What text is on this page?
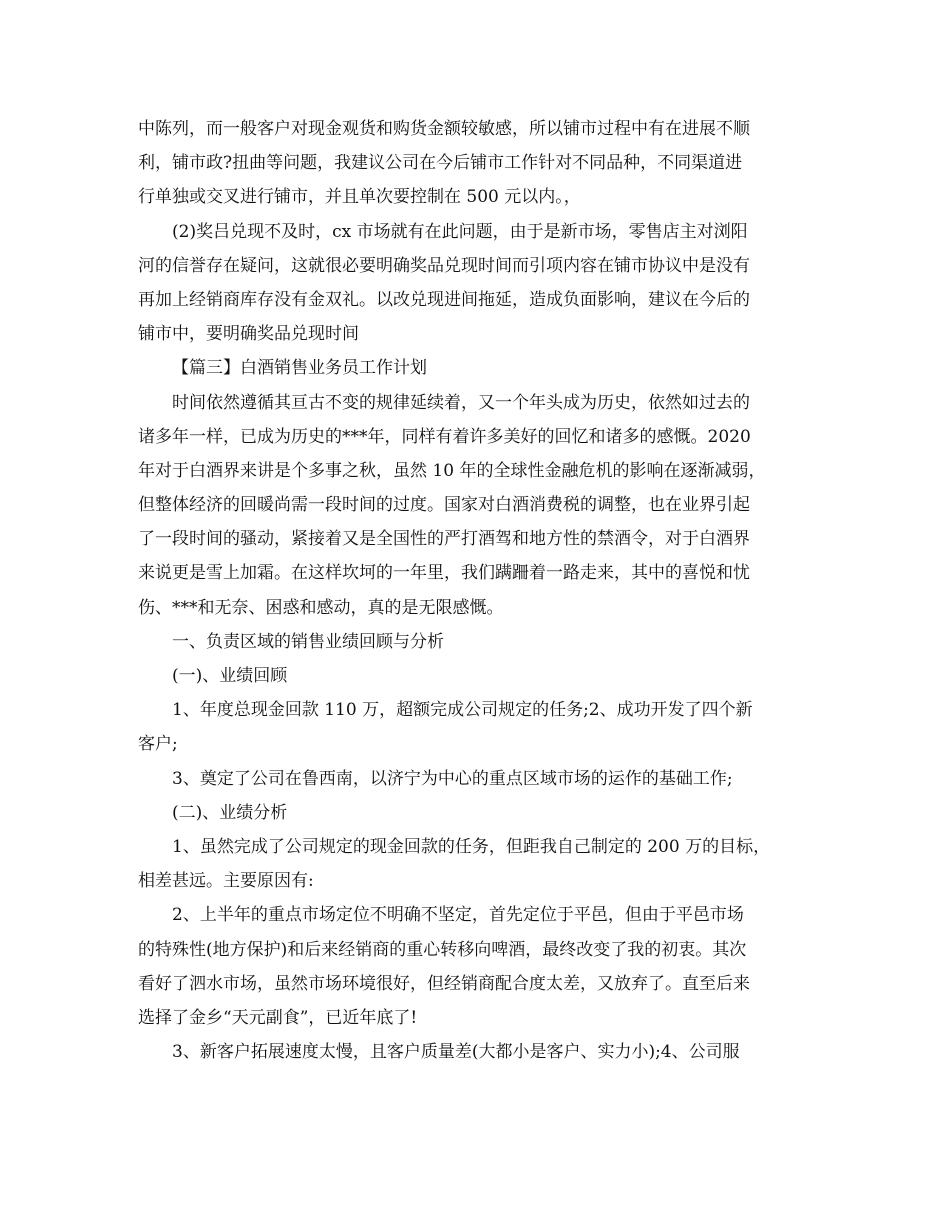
中陈列，而一般客户对现金观货和购货金额较敏感，所以铺市过程中有在进展不顺
利，铺市政?扭曲等问题，我建议公司在今后铺市工作针对不同品种，不同渠道进
行单独或交叉进行铺市，并且单次要控制在 500 元以内。，
(2)奖吕兑现不及时，cx 市场就有在此问题，由于是新市场，零售店主对浏阳
河的信誉存在疑问，这就很必要明确奖品兑现时间而引项内容在铺市协议中是没有
再加上经销商库存没有金双礼。以改兑现进间拖延，造成负面影响，建议在今后的
铺市中，要明确奖品兑现时间
【篇三】白酒销售业务员工作计划
时间依然遵循其亘古不变的规律延续着，又一个年头成为历史，依然如过去的
诸多年一样，已成为历史的***年，同样有着许多美好的回忆和诸多的感慨。2020
年对于白酒界来讲是个多事之秋，虽然 10 年的全球性金融危机的影响在逐渐减弱，
但整体经济的回暖尚需一段时间的过度。国家对白酒消费税的调整，也在业界引起
了一段时间的骚动，紧接着又是全国性的严打酒驾和地方性的禁酒令，对于白酒界
来说更是雪上加霜。在这样坎坷的一年里，我们蹒跚着一路走来，其中的喜悦和忧
伤、***和无奈、困惑和感动，真的是无限感慨。
一、负责区域的销售业绩回顾与分析
(一)、业绩回顾
1、年度总现金回款 110 万，超额完成公司规定的任务;2、成功开发了四个新
客户;
3、奠定了公司在鲁西南，以济宁为中心的重点区域市场的运作的基础工作;
(二)、业绩分析
1、虽然完成了公司规定的现金回款的任务，但距我自己制定的 200 万的目标，
相差甚远。主要原因有:
2、上半年的重点市场定位不明确不坚定，首先定位于平邑，但由于平邑市场
的特殊性(地方保护)和后来经销商的重心转移向啤酒，最终改变了我的初衷。其次
看好了泗水市场，虽然市场环境很好，但经销商配合度太差，又放弃了。直至后来
选择了金乡“天元副食”，已近年底了!
3、新客户拓展速度太慢，且客户质量差(大都小是客户、实力小);4、公司服
